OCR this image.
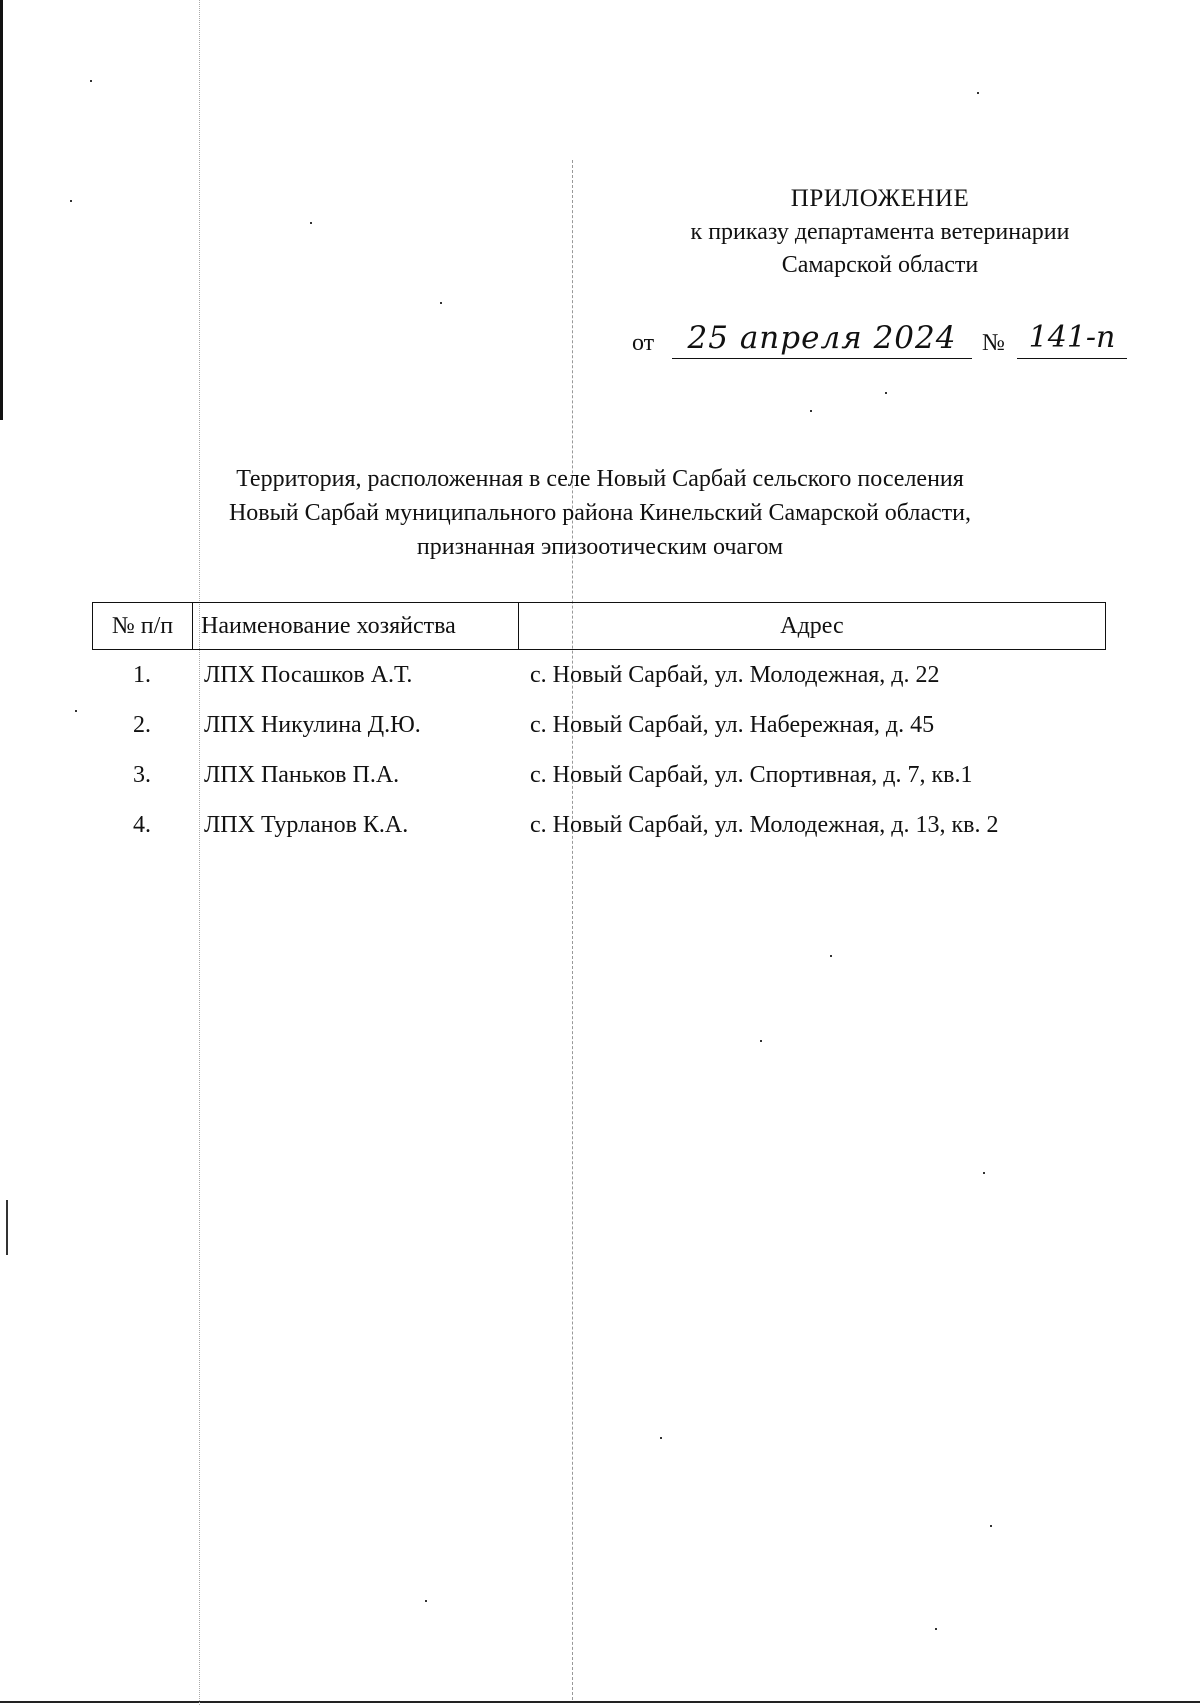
ПРИЛОЖЕНИЕ
к приказу департамента ветеринарии
Самарской области
от	25 апреля 2024	№ 141-п
Территория, расположенная в селе Новый Сарбай сельского поселения
Новый Сарбай муниципального района Кинельский Самарской области,
признанная эпизоотическим очагом
№ п/п	Наименование хозяйства	Адрес
1.	ЛПХ Посашков А.Т.	с. Новый Сарбай, ул. Молодежная, д. 22
2.	ЛПХ Никулина Д.Ю.	с. Новый Сарбай, ул. Набережная, д. 45
3.	ЛПХ Паньков П.А.	с. Новый Сарбай, ул. Спортивная, д. 7, кв.1
4.	ЛПХ Турланов К.А.	с. Новый Сарбай, ул. Молодежная, д. 13, кв. 2
